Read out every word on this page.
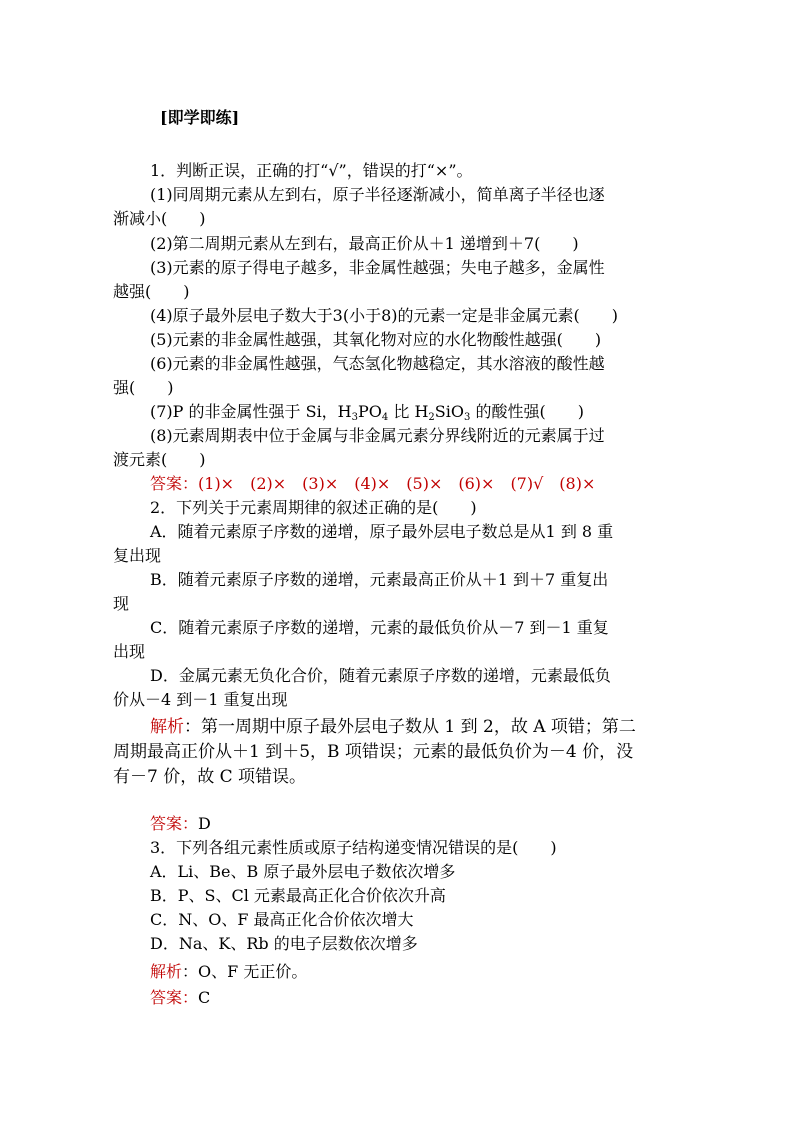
[即学即练]
1．判断正误，正确的打“√”，错误的打“×”。
(1)同周期元素从左到右，原子半径逐渐减小，简单离子半径也逐
渐减小(　　)
(2)第二周期元素从左到右，最高正价从＋1 递增到＋7(　　)
(3)元素的原子得电子越多，非金属性越强；失电子越多，金属性
越强(　　)
(4)原子最外层电子数大于3(小于8)的元素一定是非金属元素(　　)
(5)元素的非金属性越强，其氧化物对应的水化物酸性越强(　　)
(6)元素的非金属性越强，气态氢化物越稳定，其水溶液的酸性越
强(　　)
(7)P 的非金属性强于 Si，$H_3PO_4$ 比 $H_2SiO_3$ 的酸性强(　　)
(8)元素周期表中位于金属与非金属元素分界线附近的元素属于过
渡元素(　　)
答案：(1)×　(2)×　(3)×　(4)×　(5)×　(6)×　(7)√　(8)×
2．下列关于元素周期律的叙述正确的是(　　)
A．随着元素原子序数的递增，原子最外层电子数总是从1 到 8 重
复出现
B．随着元素原子序数的递增，元素最高正价从＋1 到＋7 重复出
现
C．随着元素原子序数的递增，元素的最低负价从－7 到－1 重复
出现
D．金属元素无负化合价，随着元素原子序数的递增，元素最低负
价从－4 到－1 重复出现
解析：第一周期中原子最外层电子数从 1 到 2，故 A 项错；第二
周期最高正价从＋1 到＋5，B 项错误；元素的最低负价为－4 价，没
有－7 价，故 C 项错误。
答案：D
3．下列各组元素性质或原子结构递变情况错误的是(　　)
A．Li、Be、B 原子最外层电子数依次增多
B．P、S、Cl 元素最高正化合价依次升高
C．N、O、F 最高正化合价依次增大
D．Na、K、Rb 的电子层数依次增多
解析：O、F 无正价。
答案：C
